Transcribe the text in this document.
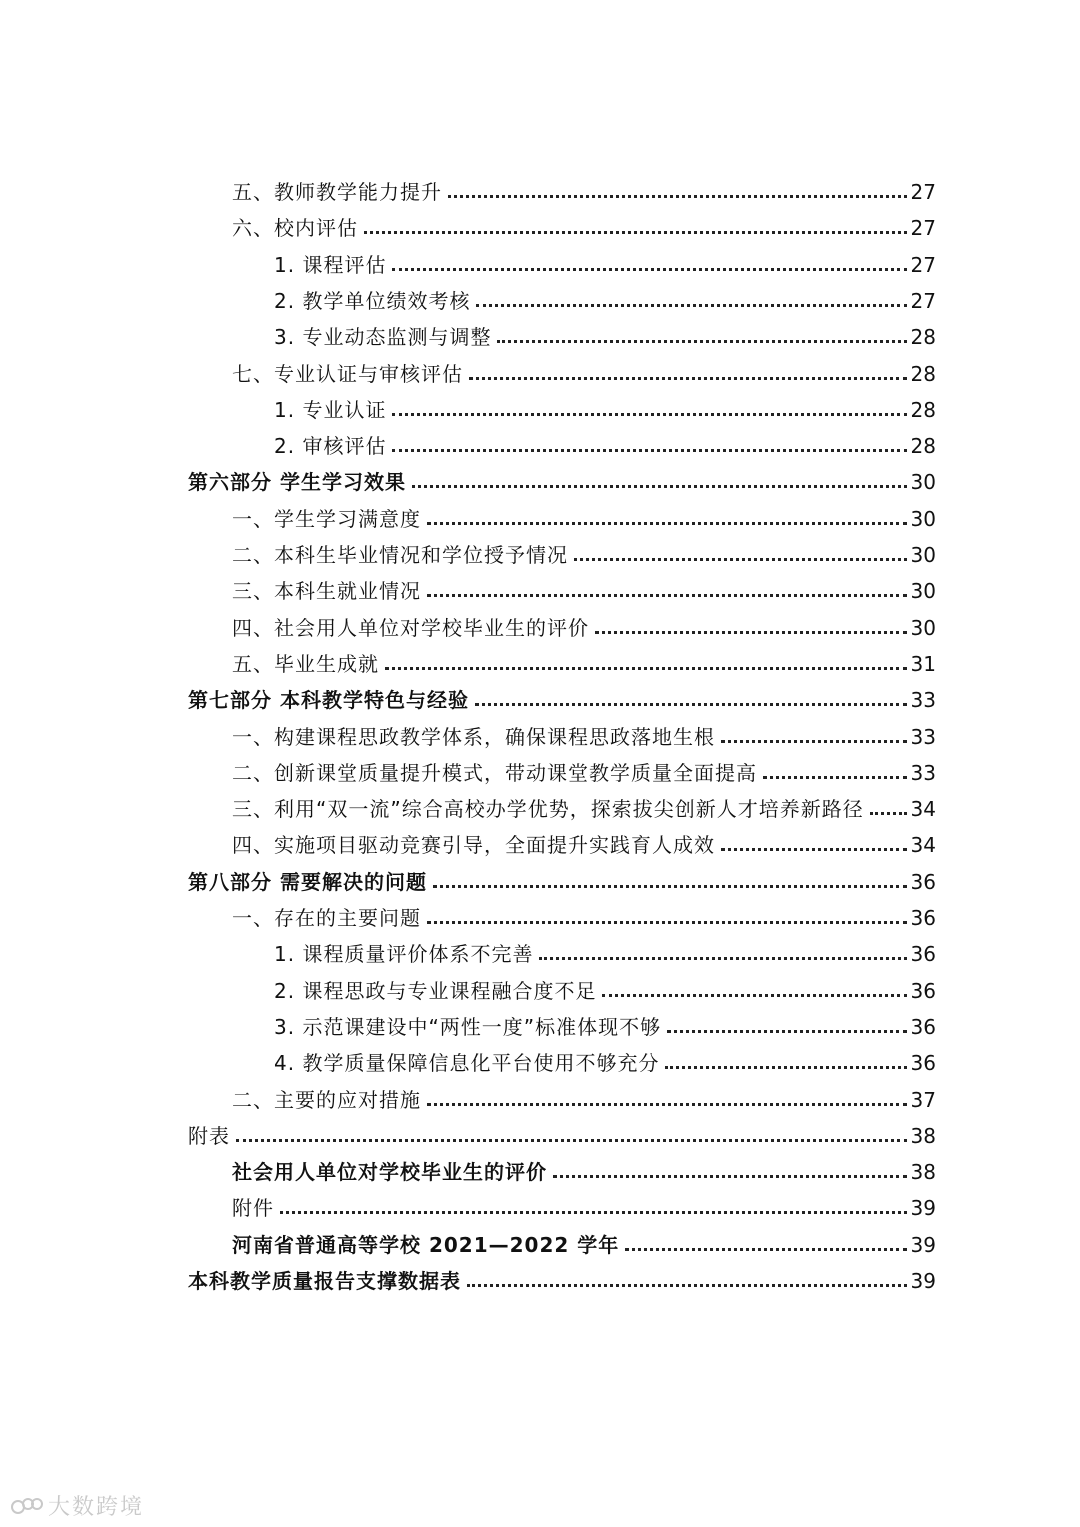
五、教师教学能力提升	27
六、校内评估	27
1. 课程评估	27
2. 教学单位绩效考核	27
3. 专业动态监测与调整	28
七、专业认证与审核评估	28
1. 专业认证	28
2. 审核评估	28
第六部分 学生学习效果	30
一、学生学习满意度	30
二、本科生毕业情况和学位授予情况	30
三、本科生就业情况	30
四、社会用人单位对学校毕业生的评价	30
五、毕业生成就	31
第七部分 本科教学特色与经验	33
一、构建课程思政教学体系，确保课程思政落地生根	33
二、创新课堂质量提升模式，带动课堂教学质量全面提高	33
三、利用“双一流”综合高校办学优势，探索拔尖创新人才培养新路径 34
四、实施项目驱动竞赛引导，全面提升实践育人成效	34
第八部分 需要解决的问题	36
一、存在的主要问题	36
1. 课程质量评价体系不完善	36
2. 课程思政与专业课程融合度不足	36
3. 示范课建设中“两性一度”标准体现不够	36
4. 教学质量保障信息化平台使用不够充分	36
二、主要的应对措施	37
附表	38
社会用人单位对学校毕业生的评价	38
附件	39
河南省普通高等学校 2021—2022 学年	39
本科教学质量报告支撑数据表	39
大数跨境
